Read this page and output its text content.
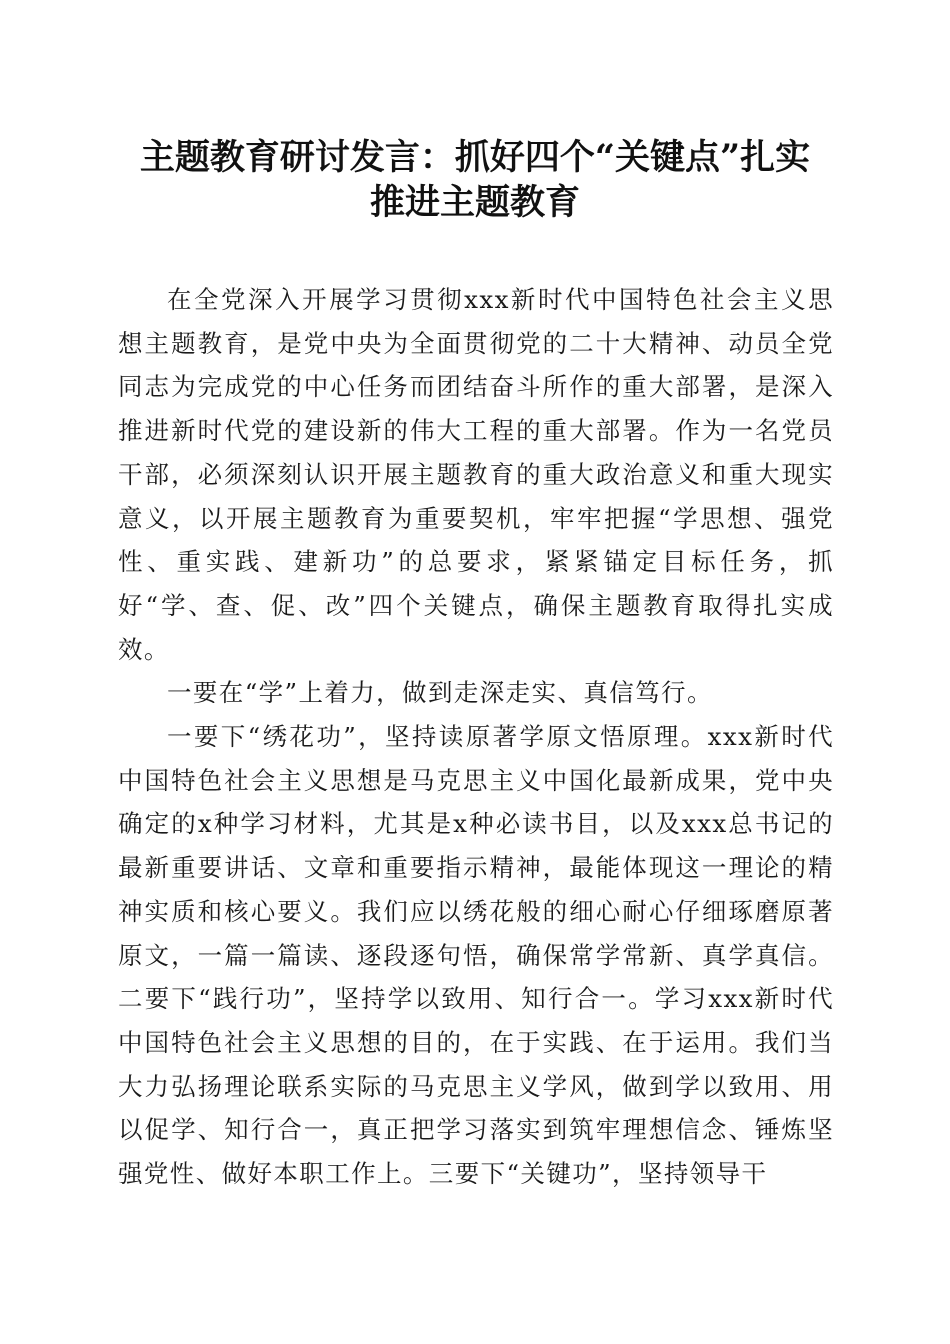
主题教育研讨发言：抓好四个“关键点”扎实
推进主题教育

在全党深入开展学习贯彻xxx新时代中国特色社会主义思想主题教育，是党中央为全面贯彻党的二十大精神、动员全党同志为完成党的中心任务而团结奋斗所作的重大部署，是深入推进新时代党的建设新的伟大工程的重大部署。作为一名党员干部，必须深刻认识开展主题教育的重大政治意义和重大现实意义，以开展主题教育为重要契机，牢牢把握“学思想、强党性、重实践、建新功”的总要求，紧紧锚定目标任务，抓好“学、查、促、改”四个关键点，确保主题教育取得扎实成效。

一要在“学”上着力，做到走深走实、真信笃行。

一要下“绣花功”，坚持读原著学原文悟原理。xxx新时代中国特色社会主义思想是马克思主义中国化最新成果，党中央确定的x种学习材料，尤其是x种必读书目，以及xxx总书记的最新重要讲话、文章和重要指示精神，最能体现这一理论的精神实质和核心要义。我们应以绣花般的细心耐心仔细琢磨原著原文，一篇一篇读、逐段逐句悟，确保常学常新、真学真信。二要下“践行功”，坚持学以致用、知行合一。学习xxx新时代中国特色社会主义思想的目的，在于实践、在于运用。我们当大力弘扬理论联系实际的马克思主义学风，做到学以致用、用以促学、知行合一，真正把学习落实到筑牢理想信念、锤炼坚强党性、做好本职工作上。三要下“关键功”，坚持领导干
